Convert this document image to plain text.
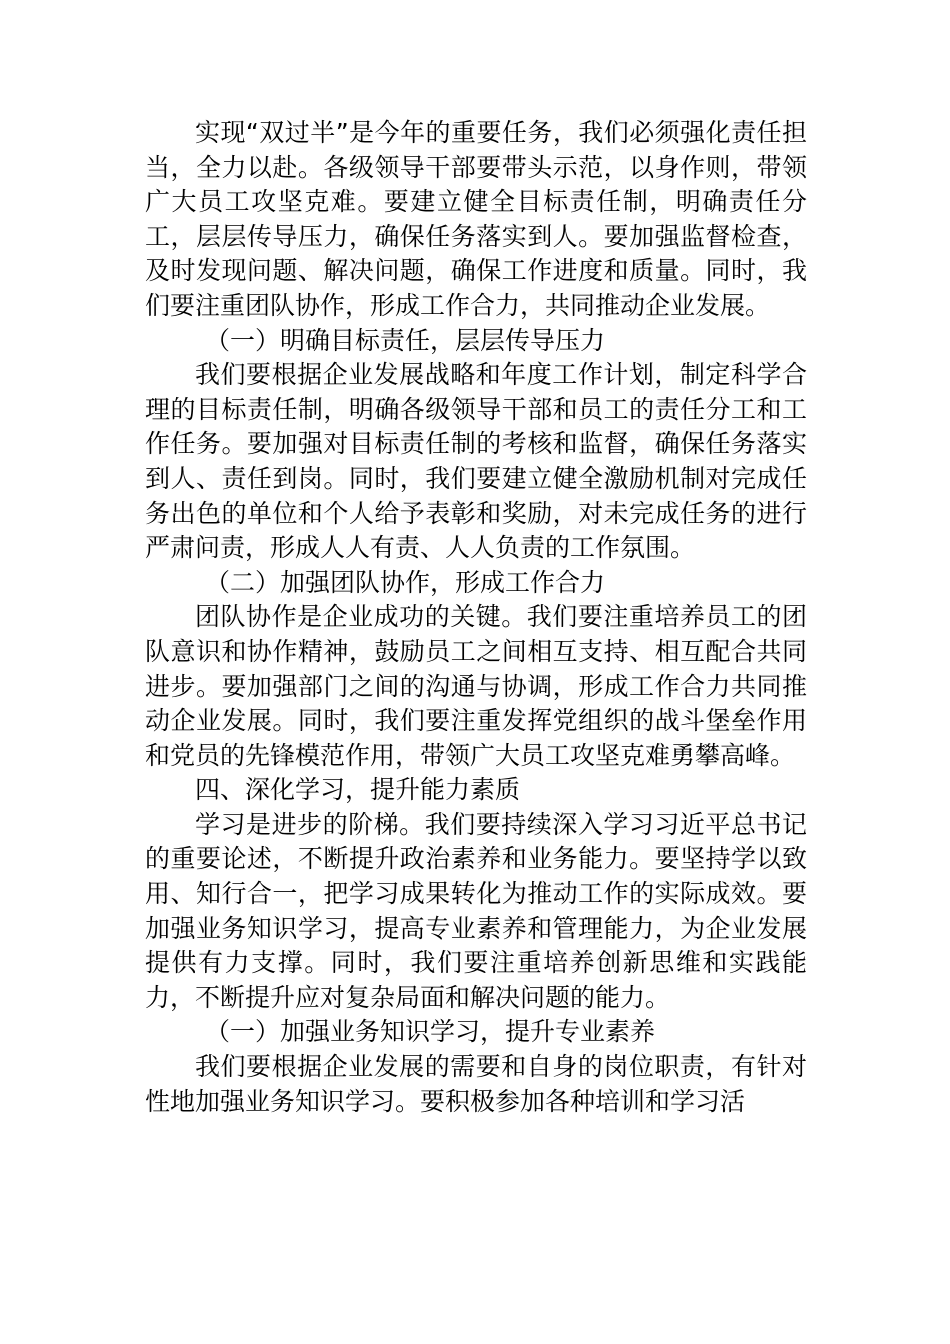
实现“双过半”是今年的重要任务，我们必须强化责任担当，全力以赴。各级领导干部要带头示范，以身作则，带领广大员工攻坚克难。要建立健全目标责任制，明确责任分工，层层传导压力，确保任务落实到人。要加强监督检查，及时发现问题、解决问题，确保工作进度和质量。同时，我们要注重团队协作，形成工作合力，共同推动企业发展。

（一）明确目标责任，层层传导压力

我们要根据企业发展战略和年度工作计划，制定科学合理的目标责任制，明确各级领导干部和员工的责任分工和工作任务。要加强对目标责任制的考核和监督，确保任务落实到人、责任到岗。同时，我们要建立健全激励机制对完成任务出色的单位和个人给予表彰和奖励，对未完成任务的进行严肃问责，形成人人有责、人人负责的工作氛围。

（二）加强团队协作，形成工作合力

团队协作是企业成功的关键。我们要注重培养员工的团队意识和协作精神，鼓励员工之间相互支持、相互配合共同进步。要加强部门之间的沟通与协调，形成工作合力共同推动企业发展。同时，我们要注重发挥党组织的战斗堡垒作用和党员的先锋模范作用，带领广大员工攻坚克难勇攀高峰。

四、深化学习，提升能力素质

学习是进步的阶梯。我们要持续深入学习习近平总书记的重要论述，不断提升政治素养和业务能力。要坚持学以致用、知行合一，把学习成果转化为推动工作的实际成效。要加强业务知识学习，提高专业素养和管理能力，为企业发展提供有力支撑。同时，我们要注重培养创新思维和实践能力，不断提升应对复杂局面和解决问题的能力。

（一）加强业务知识学习，提升专业素养

我们要根据企业发展的需要和自身的岗位职责，有针对性地加强业务知识学习。要积极参加各种培训和学习活
